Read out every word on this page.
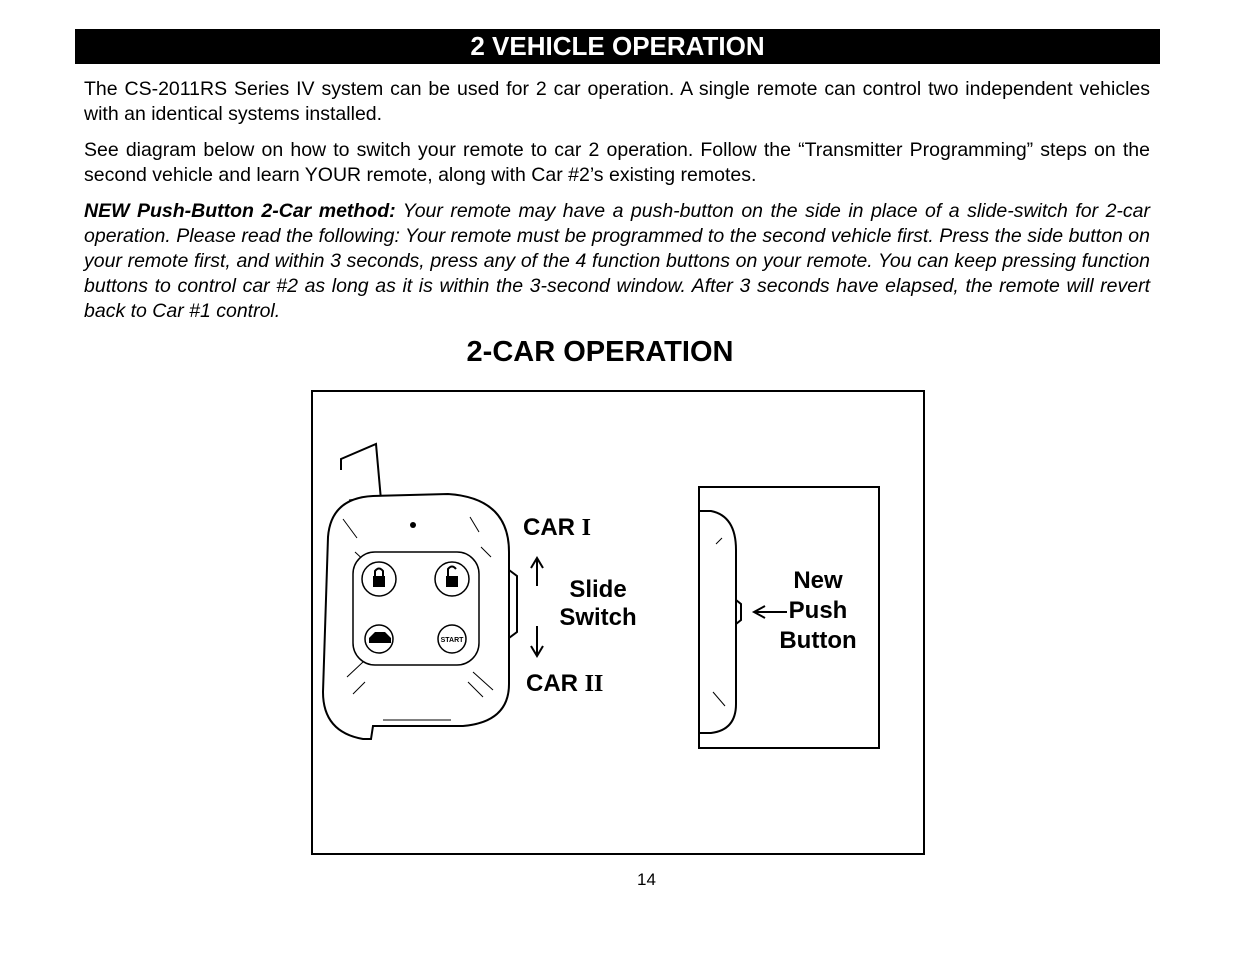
2 VEHICLE OPERATION

The CS-2011RS Series IV system can be used for 2 car operation. A single remote can control two independent vehicles with an identical systems installed.

See diagram below on how to switch your remote to car 2 operation. Follow the “Transmitter Programming” steps on the second vehicle and learn YOUR remote, along with Car #2’s existing remotes.

NEW Push-Button 2-Car method: Your remote may have a push-button on the side in place of a slide-switch for 2-car operation. Please read the following: Your remote must be programmed to the second vehicle first. Press the side button on your remote first, and within 3 seconds, press any of the 4 function buttons on your remote. You can keep pressing function buttons to control car #2 as long as it is within the 3-second window. After 3 seconds have elapsed, the remote will revert back to Car #1 control.

2-CAR OPERATION
START
CAR I
Slide
Switch
CAR II
New
Push
Button
14
